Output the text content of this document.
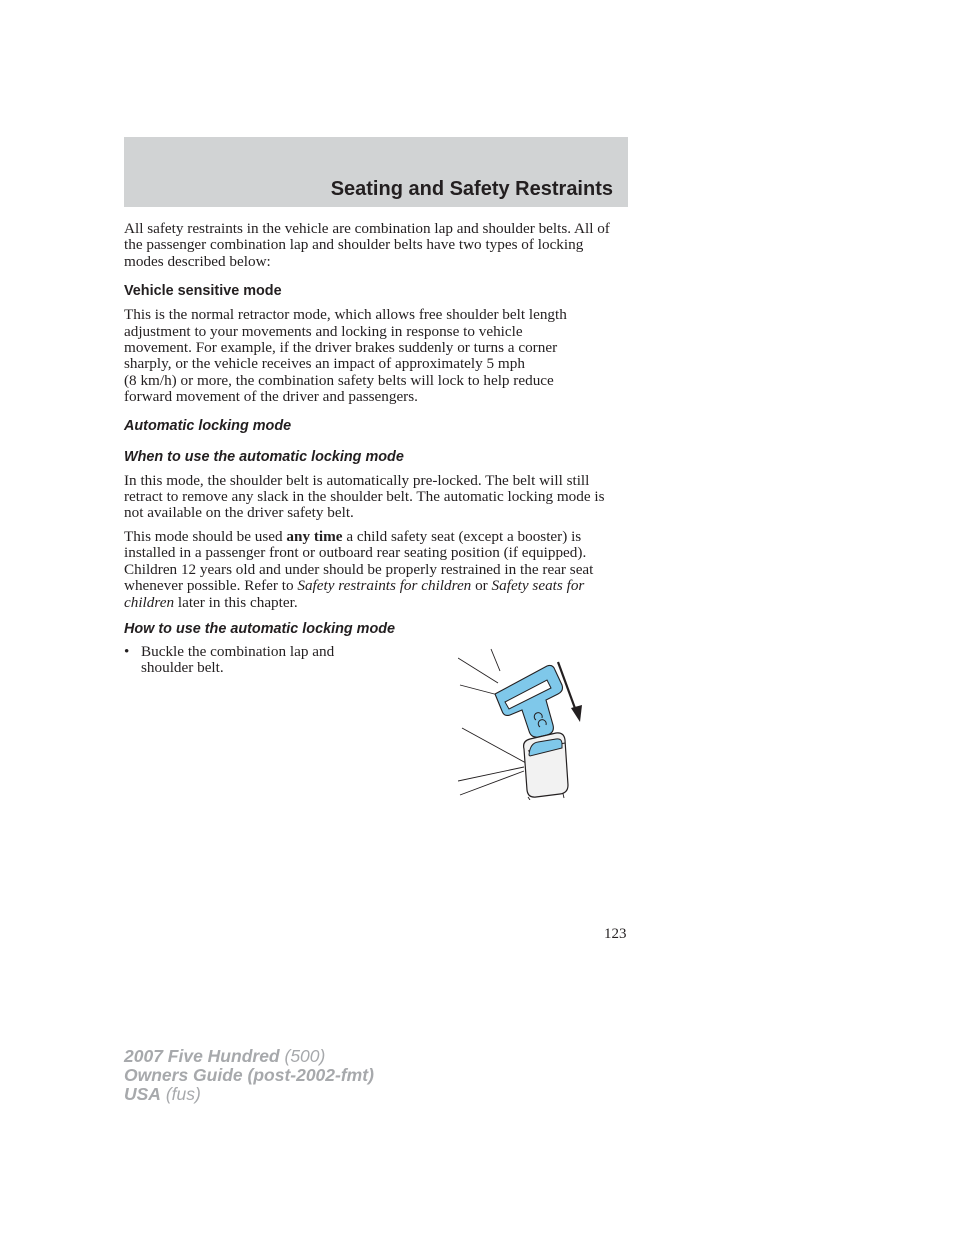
Seating and Safety Restraints

All safety restraints in the vehicle are combination lap and shoulder belts. All of the passenger combination lap and shoulder belts have two types of locking modes described below:

Vehicle sensitive mode

This is the normal retractor mode, which allows free shoulder belt length
adjustment to your movements and locking in response to vehicle
movement. For example, if the driver brakes suddenly or turns a corner
sharply, or the vehicle receives an impact of approximately 5 mph
(8 km/h) or more, the combination safety belts will lock to help reduce
forward movement of the driver and passengers.

Automatic locking mode
When to use the automatic locking mode

In this mode, the shoulder belt is automatically pre-locked. The belt will still retract to remove any slack in the shoulder belt. The automatic locking mode is not available on the driver safety belt.

This mode should be used any time a child safety seat (except a booster) is installed in a passenger front or outboard rear seating position (if equipped). Children 12 years old and under should be properly restrained in the rear seat whenever possible. Refer to Safety restraints for children or Safety seats for children later in this chapter.

How to use the automatic locking mode
• Buckle the combination lap and shoulder belt.
123
2007 Five Hundred (500)
Owners Guide (post-2002-fmt)
USA (fus)
